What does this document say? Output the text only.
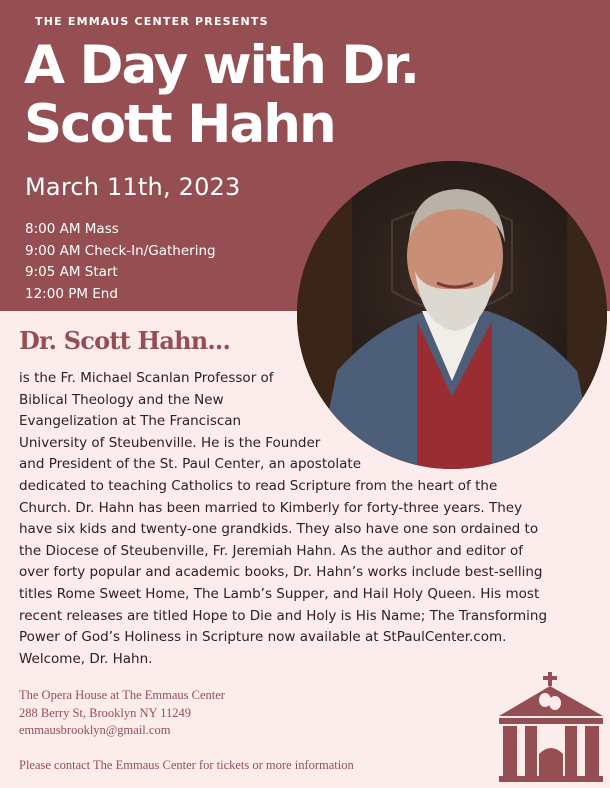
THE EMMAUS CENTER PRESENTS
A Day with Dr.
Scott Hahn
March 11th, 2023
8:00 AM Mass
9:00 AM Check-In/Gathering
9:05 AM Start
12:00 PM End
Dr. Scott Hahn...
is the Fr. Michael Scanlan Professor of
Biblical Theology and the New
Evangelization at The Franciscan
University of Steubenville. He is the Founder
and President of the St. Paul Center, an apostolate
dedicated to teaching Catholics to read Scripture from the heart of the
Church. Dr. Hahn has been married to Kimberly for forty-three years. They
have six kids and twenty-one grandkids. They also have one son ordained to
the Diocese of Steubenville, Fr. Jeremiah Hahn. As the author and editor of
over forty popular and academic books, Dr. Hahn’s works include best-selling
titles Rome Sweet Home, The Lamb’s Supper, and Hail Holy Queen. His most
recent releases are titled Hope to Die and Holy is His Name; The Transforming
Power of God’s Holiness in Scripture now available at StPaulCenter.com.
Welcome, Dr. Hahn.
The Opera House at The Emmaus Center
288 Berry St, Brooklyn NY 11249
emmausbrooklyn@gmail.com
Please contact The Emmaus Center for tickets or more information
